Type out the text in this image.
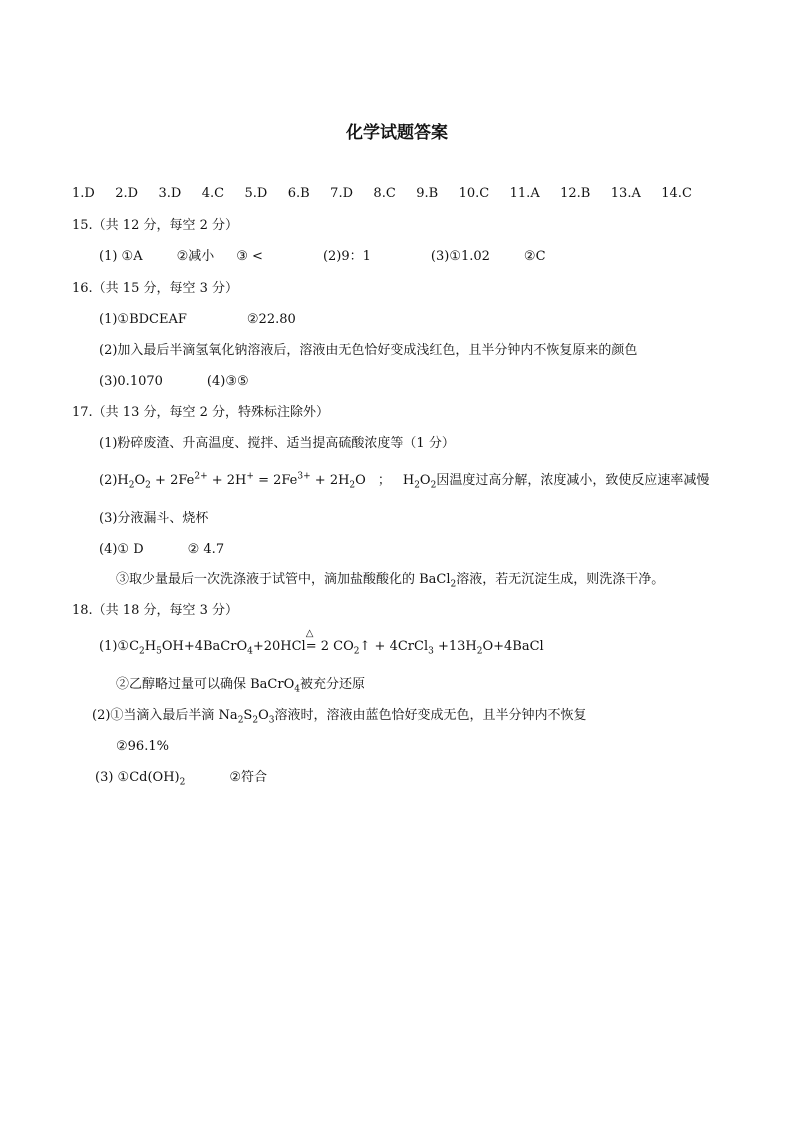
化学试题答案
1.D 2.D 3.D 4.C 5.D 6.B 7.D 8.C 9.B 10.C 11.A 12.B 13.A 14.C
15.（共 12 分，每空 2 分）
(1) ①A	②减小 ③ <	(2)9：1	(3)①1.02	②C
16.（共 15 分，每空 3 分）
(1)①BDCEAF	②22.80
(2)加入最后半滴氢氧化钠溶液后，溶液由无色恰好变成浅红色，且半分钟内不恢复原来的颜色
(3)0.1070	(4)③⑤
17.（共 13 分，每空 2 分，特殊标注除外）
(1)粉碎废渣、升高温度、搅拌、适当提高硫酸浓度等（1 分）
$(2)H_2O_2 + 2Fe^{2+} + 2H^+ = 2Fe^{3+} + 2H_2O$ ； $H_2O_2$因温度过高分解，浓度减小，致使反应速率减慢
(3)分液漏斗、烧杯
(4)① D	② 4.7
③取少量最后一次洗涤液于试管中，滴加盐酸酸化的 BaCl$_2$溶液，若无沉淀生成，则洗涤干净。
18.（共 18 分，每空 3 分）
$(1)①C_2H_5OH+4BaCrO_4+20HCl$
△
= 2 $CO_2↑$ + 4CrCl$_3$ $+13H_2O+4BaCl$
②乙醇略过量可以确保 BaCrO$_4$被充分还原
(2)①当滴入最后半滴 $Na_2S_2O_3$溶液时，溶液由蓝色恰好变成无色，且半分钟内不恢复
②96.1%
(3) $①Cd(OH)_2$	②符合
